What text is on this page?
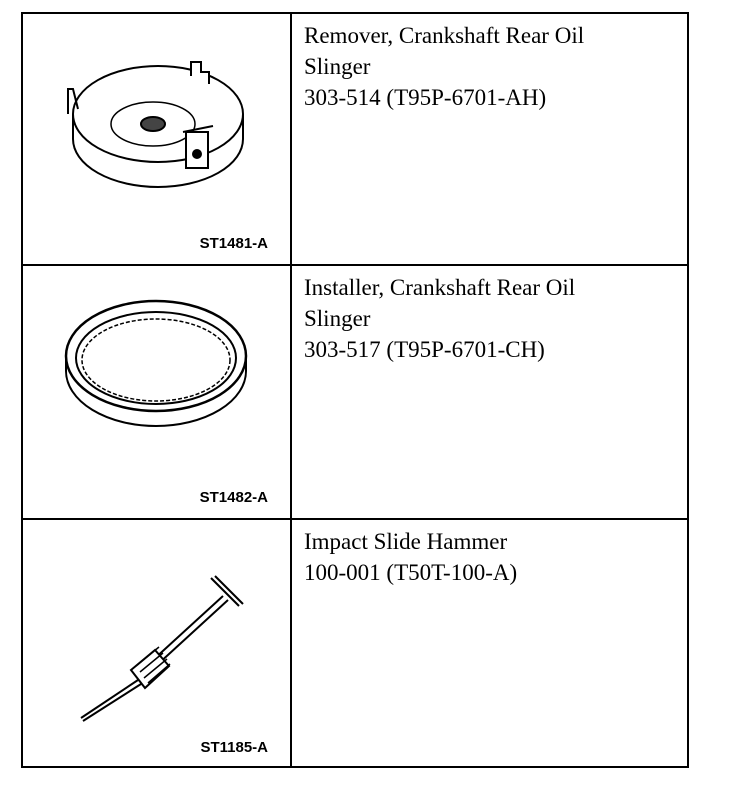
ST1481-A
Remover, Crankshaft Rear Oil
Slinger
303-514 (T95P-6701-AH)
ST1482-A
Installer, Crankshaft Rear Oil
Slinger
303-517 (T95P-6701-CH)
ST1185-A
Impact Slide Hammer
100-001 (T50T-100-A)
